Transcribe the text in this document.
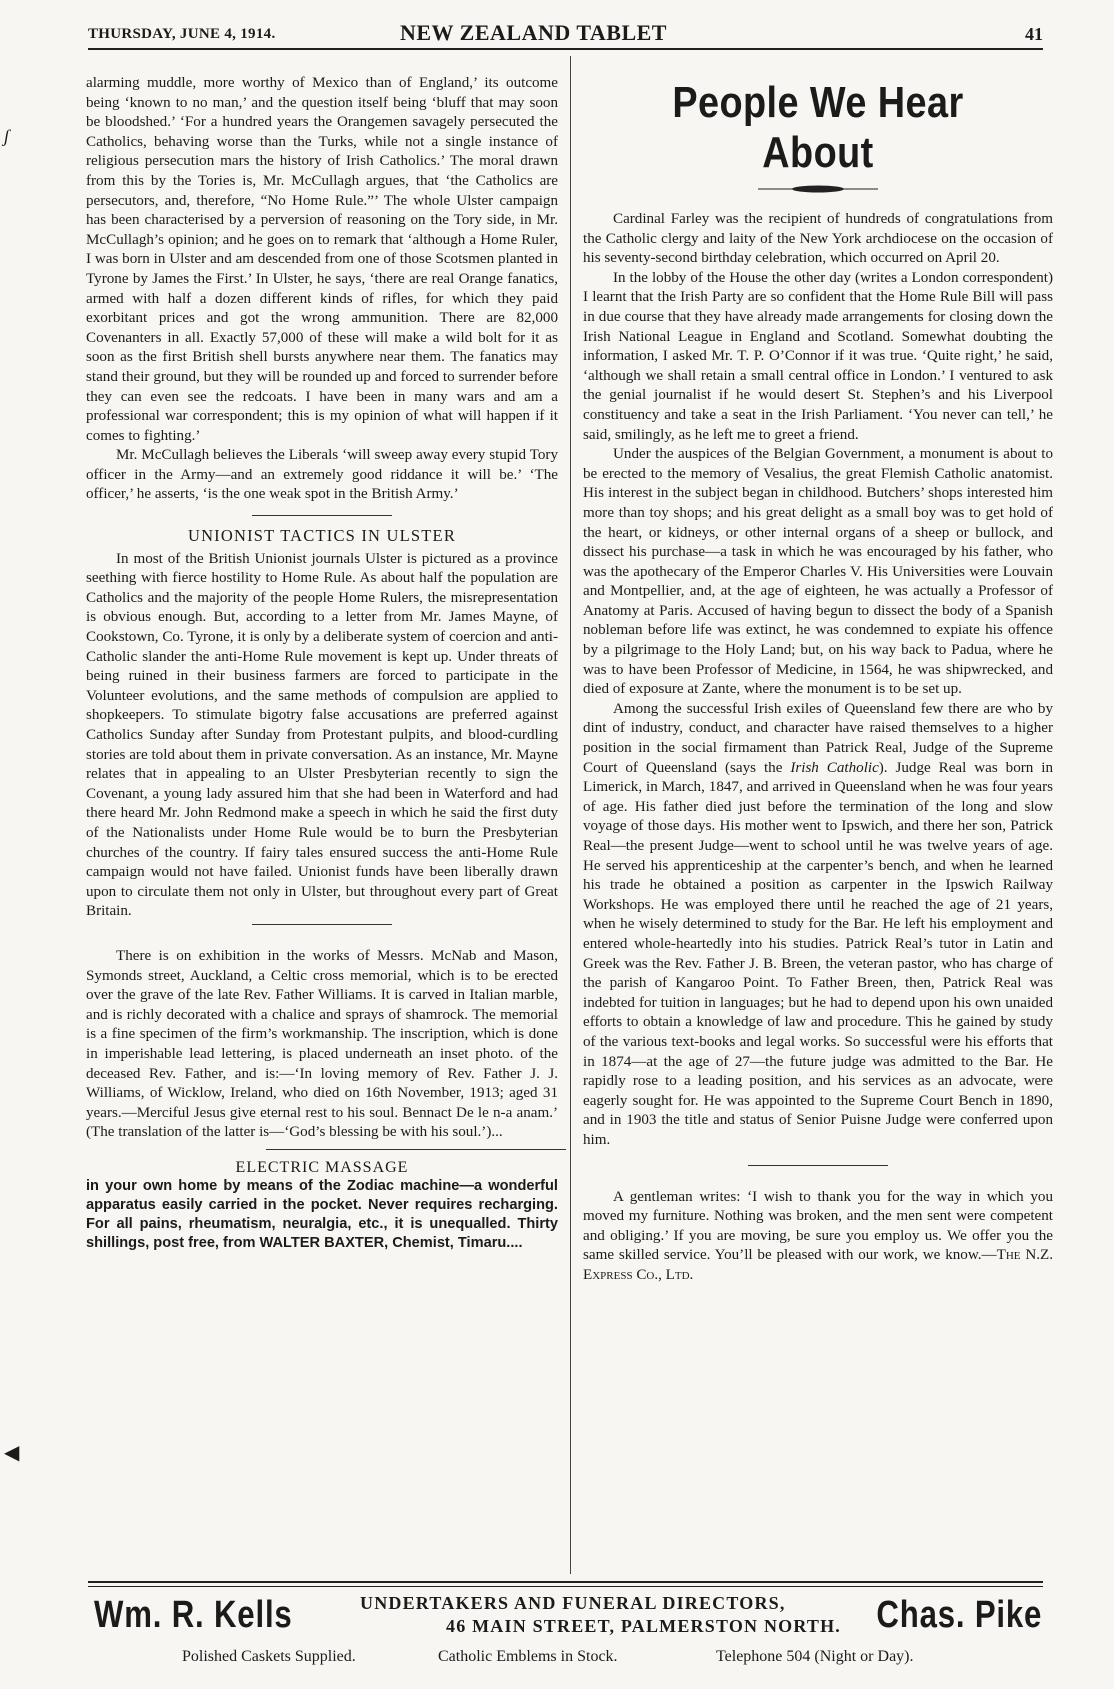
THURSDAY, JUNE 4, 1914.	NEW ZEALAND TABLET	41
ʃ

alarming muddle, more worthy of Mexico than of England,’ its outcome being ‘known to no man,’ and the question itself being ‘bluff that may soon be bloodshed.’ ‘For a hundred years the Orangemen savagely persecuted the Catholics, behaving worse than the Turks, while not a single instance of religious persecution mars the history of Irish Catholics.’ The moral drawn from this by the Tories is, Mr. McCullagh argues, that ‘the Catholics are persecutors, and, therefore, “No Home Rule.”’ The whole Ulster campaign has been characterised by a perversion of reasoning on the Tory side, in Mr. McCullagh’s opinion; and he goes on to remark that ‘although a Home Ruler, I was born in Ulster and am descended from one of those Scotsmen planted in Tyrone by James the First.’ In Ulster, he says, ‘there are real Orange fanatics, armed with half a dozen different kinds of rifles, for which they paid exorbitant prices and got the wrong ammunition. There are 82,000 Covenanters in all. Exactly 57,000 of these will make a wild bolt for it as soon as the first British shell bursts anywhere near them. The fanatics may stand their ground, but they will be rounded up and forced to surrender before they can even see the redcoats. I have been in many wars and am a professional war correspondent; this is my opinion of what will happen if it comes to fighting.’

Mr. McCullagh believes the Liberals ‘will sweep away every stupid Tory officer in the Army—and an extremely good riddance it will be.’ ‘The officer,’ he asserts, ‘is the one weak spot in the British Army.’

UNIONIST TACTICS IN ULSTER

In most of the British Unionist journals Ulster is pictured as a province seething with fierce hostility to Home Rule. As about half the population are Catholics and the majority of the people Home Rulers, the misrepresentation is obvious enough. But, according to a letter from Mr. James Mayne, of Cookstown, Co. Tyrone, it is only by a deliberate system of coercion and anti-Catholic slander the anti-Home Rule movement is kept up. Under threats of being ruined in their business farmers are forced to participate in the Volunteer evolutions, and the same methods of compulsion are applied to shopkeepers. To stimulate bigotry false accusations are preferred against Catholics Sunday after Sunday from Protestant pulpits, and blood-curdling stories are told about them in private conversation. As an instance, Mr. Mayne relates that in appealing to an Ulster Presbyterian recently to sign the Covenant, a young lady assured him that she had been in Waterford and had there heard Mr. John Redmond make a speech in which he said the first duty of the Nationalists under Home Rule would be to burn the Presbyterian churches of the country. If fairy tales ensured success the anti-Home Rule campaign would not have failed. Unionist funds have been liberally drawn upon to circulate them not only in Ulster, but throughout every part of Great Britain.

There is on exhibition in the works of Messrs. McNab and Mason, Symonds street, Auckland, a Celtic cross memorial, which is to be erected over the grave of the late Rev. Father Williams. It is carved in Italian marble, and is richly decorated with a chalice and sprays of shamrock. The memorial is a fine specimen of the firm’s workmanship. The inscription, which is done in imperishable lead lettering, is placed underneath an inset photo. of the deceased Rev. Father, and is:—‘In loving memory of Rev. Father J. J. Williams, of Wicklow, Ireland, who died on 16th November, 1913; aged 31 years.—Merciful Jesus give eternal rest to his soul. Bennact De le n-a anam.’ (The translation of the latter is—‘God’s blessing be with his soul.’)...

ELECTRIC MASSAGE
in your own home by means of the Zodiac machine—a wonderful apparatus easily carried in the pocket. Never requires recharging. For all pains, rheumatism, neuralgia, etc., it is unequalled. Thirty shillings, post free, from WALTER BAXTER, Chemist, Timaru....
People We Hear About

Cardinal Farley was the recipient of hundreds of congratulations from the Catholic clergy and laity of the New York archdiocese on the occasion of his seventy-second birthday celebration, which occurred on April 20.

In the lobby of the House the other day (writes a London correspondent) I learnt that the Irish Party are so confident that the Home Rule Bill will pass in due course that they have already made arrangements for closing down the Irish National League in England and Scotland. Somewhat doubting the information, I asked Mr. T. P. O’Connor if it was true. ‘Quite right,’ he said, ‘although we shall retain a small central office in London.’ I ventured to ask the genial journalist if he would desert St. Stephen’s and his Liverpool constituency and take a seat in the Irish Parliament. ‘You never can tell,’ he said, smilingly, as he left me to greet a friend.

Under the auspices of the Belgian Government, a monument is about to be erected to the memory of Vesalius, the great Flemish Catholic anatomist. His interest in the subject began in childhood. Butchers’ shops interested him more than toy shops; and his great delight as a small boy was to get hold of the heart, or kidneys, or other internal organs of a sheep or bullock, and dissect his purchase—a task in which he was encouraged by his father, who was the apothecary of the Emperor Charles V. His Universities were Louvain and Montpellier, and, at the age of eighteen, he was actually a Professor of Anatomy at Paris. Accused of having begun to dissect the body of a Spanish nobleman before life was extinct, he was condemned to expiate his offence by a pilgrimage to the Holy Land; but, on his way back to Padua, where he was to have been Professor of Medicine, in 1564, he was shipwrecked, and died of exposure at Zante, where the monument is to be set up.

Among the successful Irish exiles of Queensland few there are who by dint of industry, conduct, and character have raised themselves to a higher position in the social firmament than Patrick Real, Judge of the Supreme Court of Queensland (says the Irish Catholic). Judge Real was born in Limerick, in March, 1847, and arrived in Queensland when he was four years of age. His father died just before the termination of the long and slow voyage of those days. His mother went to Ipswich, and there her son, Patrick Real—the present Judge—went to school until he was twelve years of age. He served his apprenticeship at the carpenter’s bench, and when he learned his trade he obtained a position as carpenter in the Ipswich Railway Workshops. He was employed there until he reached the age of 21 years, when he wisely determined to study for the Bar. He left his employment and entered whole-heartedly into his studies. Patrick Real’s tutor in Latin and Greek was the Rev. Father J. B. Breen, the veteran pastor, who has charge of the parish of Kangaroo Point. To Father Breen, then, Patrick Real was indebted for tuition in languages; but he had to depend upon his own unaided efforts to obtain a knowledge of law and procedure. This he gained by study of the various text-books and legal works. So successful were his efforts that in 1874—at the age of 27—the future judge was admitted to the Bar. He rapidly rose to a leading position, and his services as an advocate, were eagerly sought for. He was appointed to the Supreme Court Bench in 1890, and in 1903 the title and status of Senior Puisne Judge were conferred upon him.

A gentleman writes: ‘I wish to thank you for the way in which you moved my furniture. Nothing was broken, and the men sent were competent and obliging.’ If you are moving, be sure you employ us. We offer you the same skilled service. You’ll be pleased with our work, we know.—The N.Z. Express Co., Ltd.

◀
Wm. R. Kells	UNDERTAKERS AND FUNERAL DIRECTORS,
46 MAIN STREET, PALMERSTON NORTH. Chas. Pike
Polished Caskets Supplied.	Catholic Emblems in Stock.	Telephone 504 (Night or Day).
